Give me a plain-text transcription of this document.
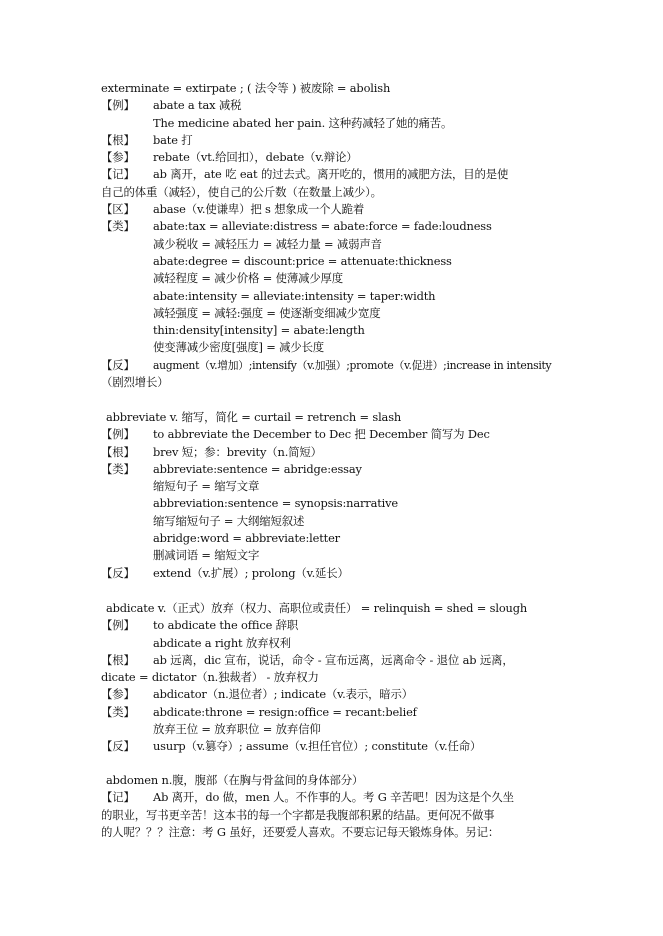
exterminate = extirpate ; ( 法令等 ) 被废除 = abolish
【例】	abate a tax 减税
The medicine abated her pain. 这种药减轻了她的痛苦。
【根】	bate 打
【参】	rebate（vt.给回扣），debate（v.辩论）
【记】	ab 离开，ate 吃 eat 的过去式。离开吃的，惯用的减肥方法，目的是使
自己的体重（减轻），使自己的公斤数（在数量上减少）。
【区】	abase（v.使谦卑）把 s 想象成一个人跪着
【类】	abate:tax = alleviate:distress = abate:force = fade:loudness
减少税收 = 减轻压力 = 减轻力量 = 减弱声音
abate:degree = discount:price = attenuate:thickness
减轻程度 = 减少价格 = 使薄减少厚度
abate:intensity = alleviate:intensity = taper:width
减轻强度 = 减轻:强度 = 使逐渐变细减少宽度
thin:density[intensity] = abate:length
使变薄减少密度[强度] = 减少长度
【反】	augment（v.增加）;intensify（v.加强）;promote（v.促进）;increase in intensity
（剧烈增长）
abbreviate v. 缩写，简化 = curtail = retrench = slash
【例】	to abbreviate the December to Dec 把 December 简写为 Dec
【根】	brev 短；参：brevity（n.简短）
【类】	abbreviate:sentence = abridge:essay
缩短句子 = 缩写文章
abbreviation:sentence = synopsis:narrative
缩写缩短句子 = 大纲缩短叙述
abridge:word = abbreviate:letter
删减词语 = 缩短文字
【反】	extend（v.扩展）; prolong（v.延长）
abdicate v.（正式）放弃（权力、高职位或责任） = relinquish = shed = slough
【例】	to abdicate the office 辞职
abdicate a right 放弃权利
【根】	ab 远离，dic 宣布，说话，命令 - 宣布远离，远离命令 - 退位 ab 远离，
dicate = dictator（n.独裁者） - 放弃权力
【参】	abdicator（n.退位者）; indicate（v.表示，暗示）
【类】	abdicate:throne = resign:office = recant:belief
放弃王位 = 放弃职位 = 放弃信仰
【反】	usurp（v.篡夺）; assume（v.担任官位）; constitute（v.任命）
abdomen n.腹，腹部（在胸与骨盆间的身体部分）
【记】	Ab 离开，do 做，men 人。不作事的人。考 G 辛苦吧！因为这是个久坐
的职业，写书更辛苦！这本书的每一个字都是我腹部积累的结晶。更何况不做事
的人呢？？？注意：考 G 虽好，还要爱人喜欢。不要忘记每天锻炼身体。另记：
